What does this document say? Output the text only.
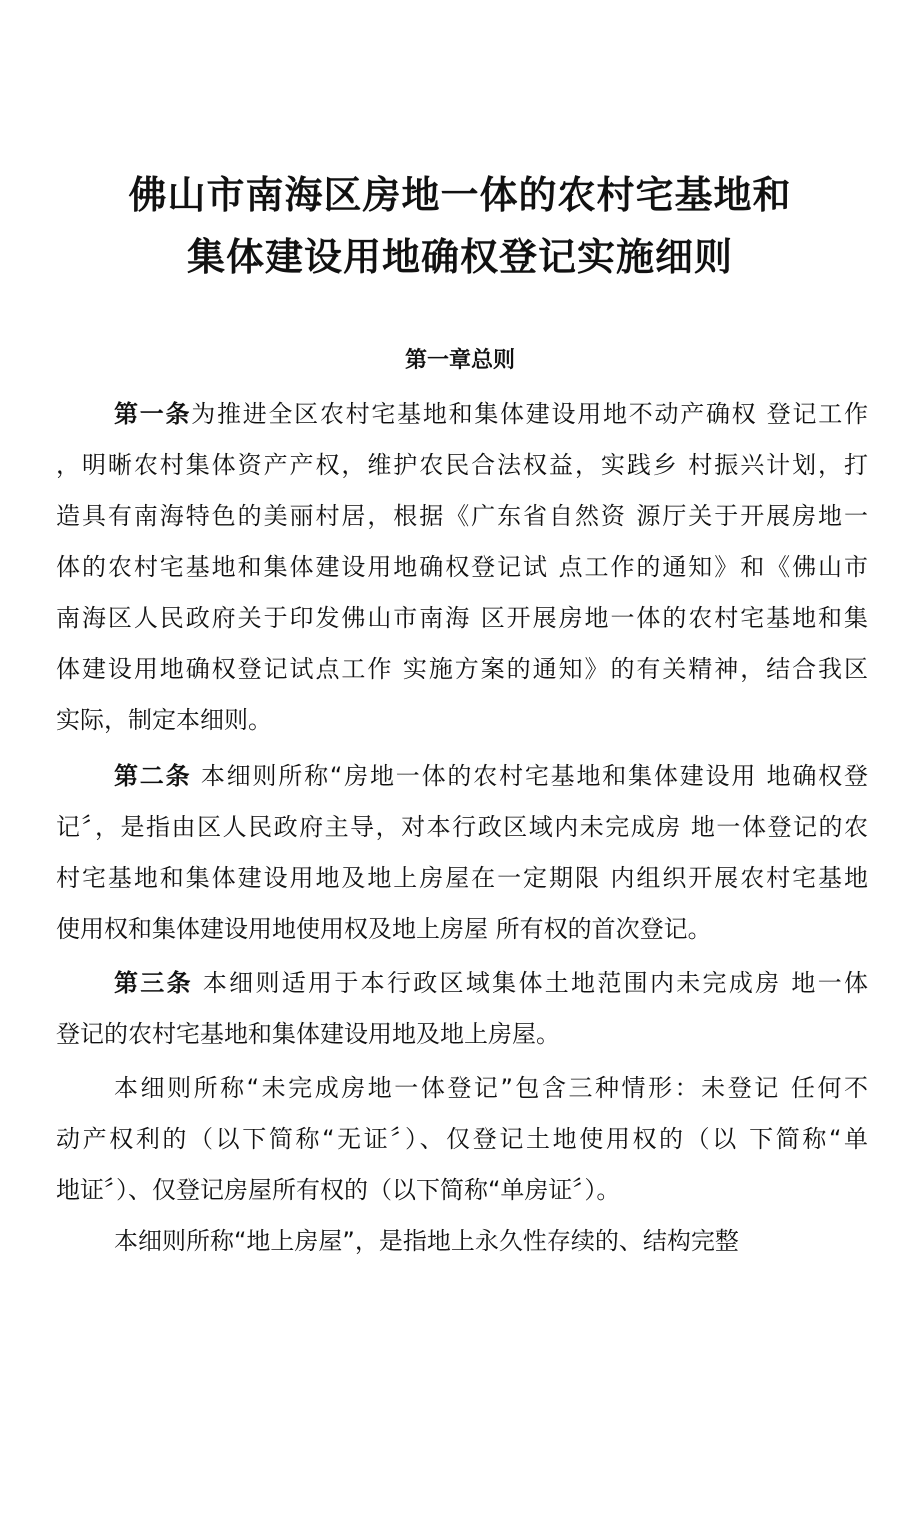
佛山市南海区房地一体的农村宅基地和
集体建设用地确权登记实施细则
第一章总则
第一条为推进全区农村宅基地和集体建设用地不动产确权 登记工作
，明晰农村集体资产产权，维护农民合法权益，实践乡 村振兴计划，打
造具有南海特色的美丽村居，根据《广东省自然资 源厅关于开展房地一
体的农村宅基地和集体建设用地确权登记试 点工作的通知》和《佛山市
南海区人民政府关于印发佛山市南海 区开展房地一体的农村宅基地和集
体建设用地确权登记试点工作 实施方案的通知》的有关精神，结合我区
实际，制定本细则。
第二条 本细则所称“房地一体的农村宅基地和集体建设用 地确权登
记〞，是指由区人民政府主导，对本行政区域内未完成房 地一体登记的农
村宅基地和集体建设用地及地上房屋在一定期限 内组织开展农村宅基地
使用权和集体建设用地使用权及地上房屋 所有权的首次登记。
第三条 本细则适用于本行政区域集体土地范围内未完成房 地一体
登记的农村宅基地和集体建设用地及地上房屋。
本细则所称“未完成房地一体登记”包含三种情形：未登记 任何不
动产权利的（以下简称“无证〞）、仅登记土地使用权的（以 下简称“单
地证〞）、仅登记房屋所有权的（以下简称“单房证〞）。
本细则所称“地上房屋”，是指地上永久性存续的、结构完整
